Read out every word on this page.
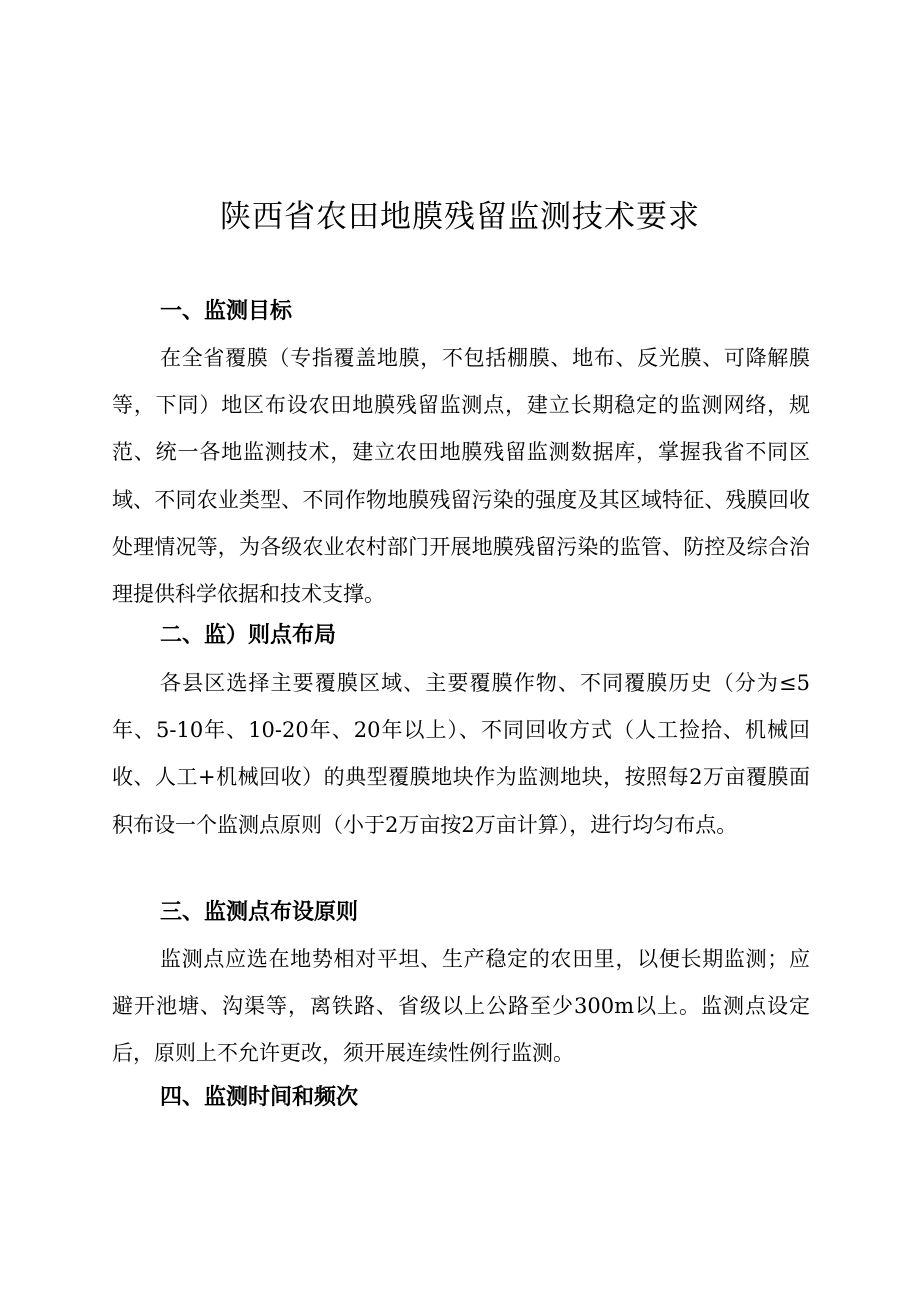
陕西省农田地膜残留监测技术要求
一、监测目标

在全省覆膜（专指覆盖地膜，不包括棚膜、地布、反光膜、可降解膜等，下同）地区布设农田地膜残留监测点，建立长期稳定的监测网络，规范、统一各地监测技术，建立农田地膜残留监测数据库，掌握我省不同区域、不同农业类型、不同作物地膜残留污染的强度及其区域特征、残膜回收处理情况等，为各级农业农村部门开展地膜残留污染的监管、防控及综合治理提供科学依据和技术支撑。

二、监）则点布局

各县区选择主要覆膜区域、主要覆膜作物、不同覆膜历史（分为≤5年、5-10年、10-20年、20年以上）、不同回收方式（人工捡拾、机械回收、人工+机械回收）的典型覆膜地块作为监测地块，按照每2万亩覆膜面积布设一个监测点原则（小于2万亩按2万亩计算），进行均匀布点。

三、监测点布设原则

监测点应选在地势相对平坦、生产稳定的农田里，以便长期监测；应避开池塘、沟渠等，离铁路、省级以上公路至少300m以上。监测点设定后，原则上不允许更改，须开展连续性例行监测。

四、监测时间和频次
